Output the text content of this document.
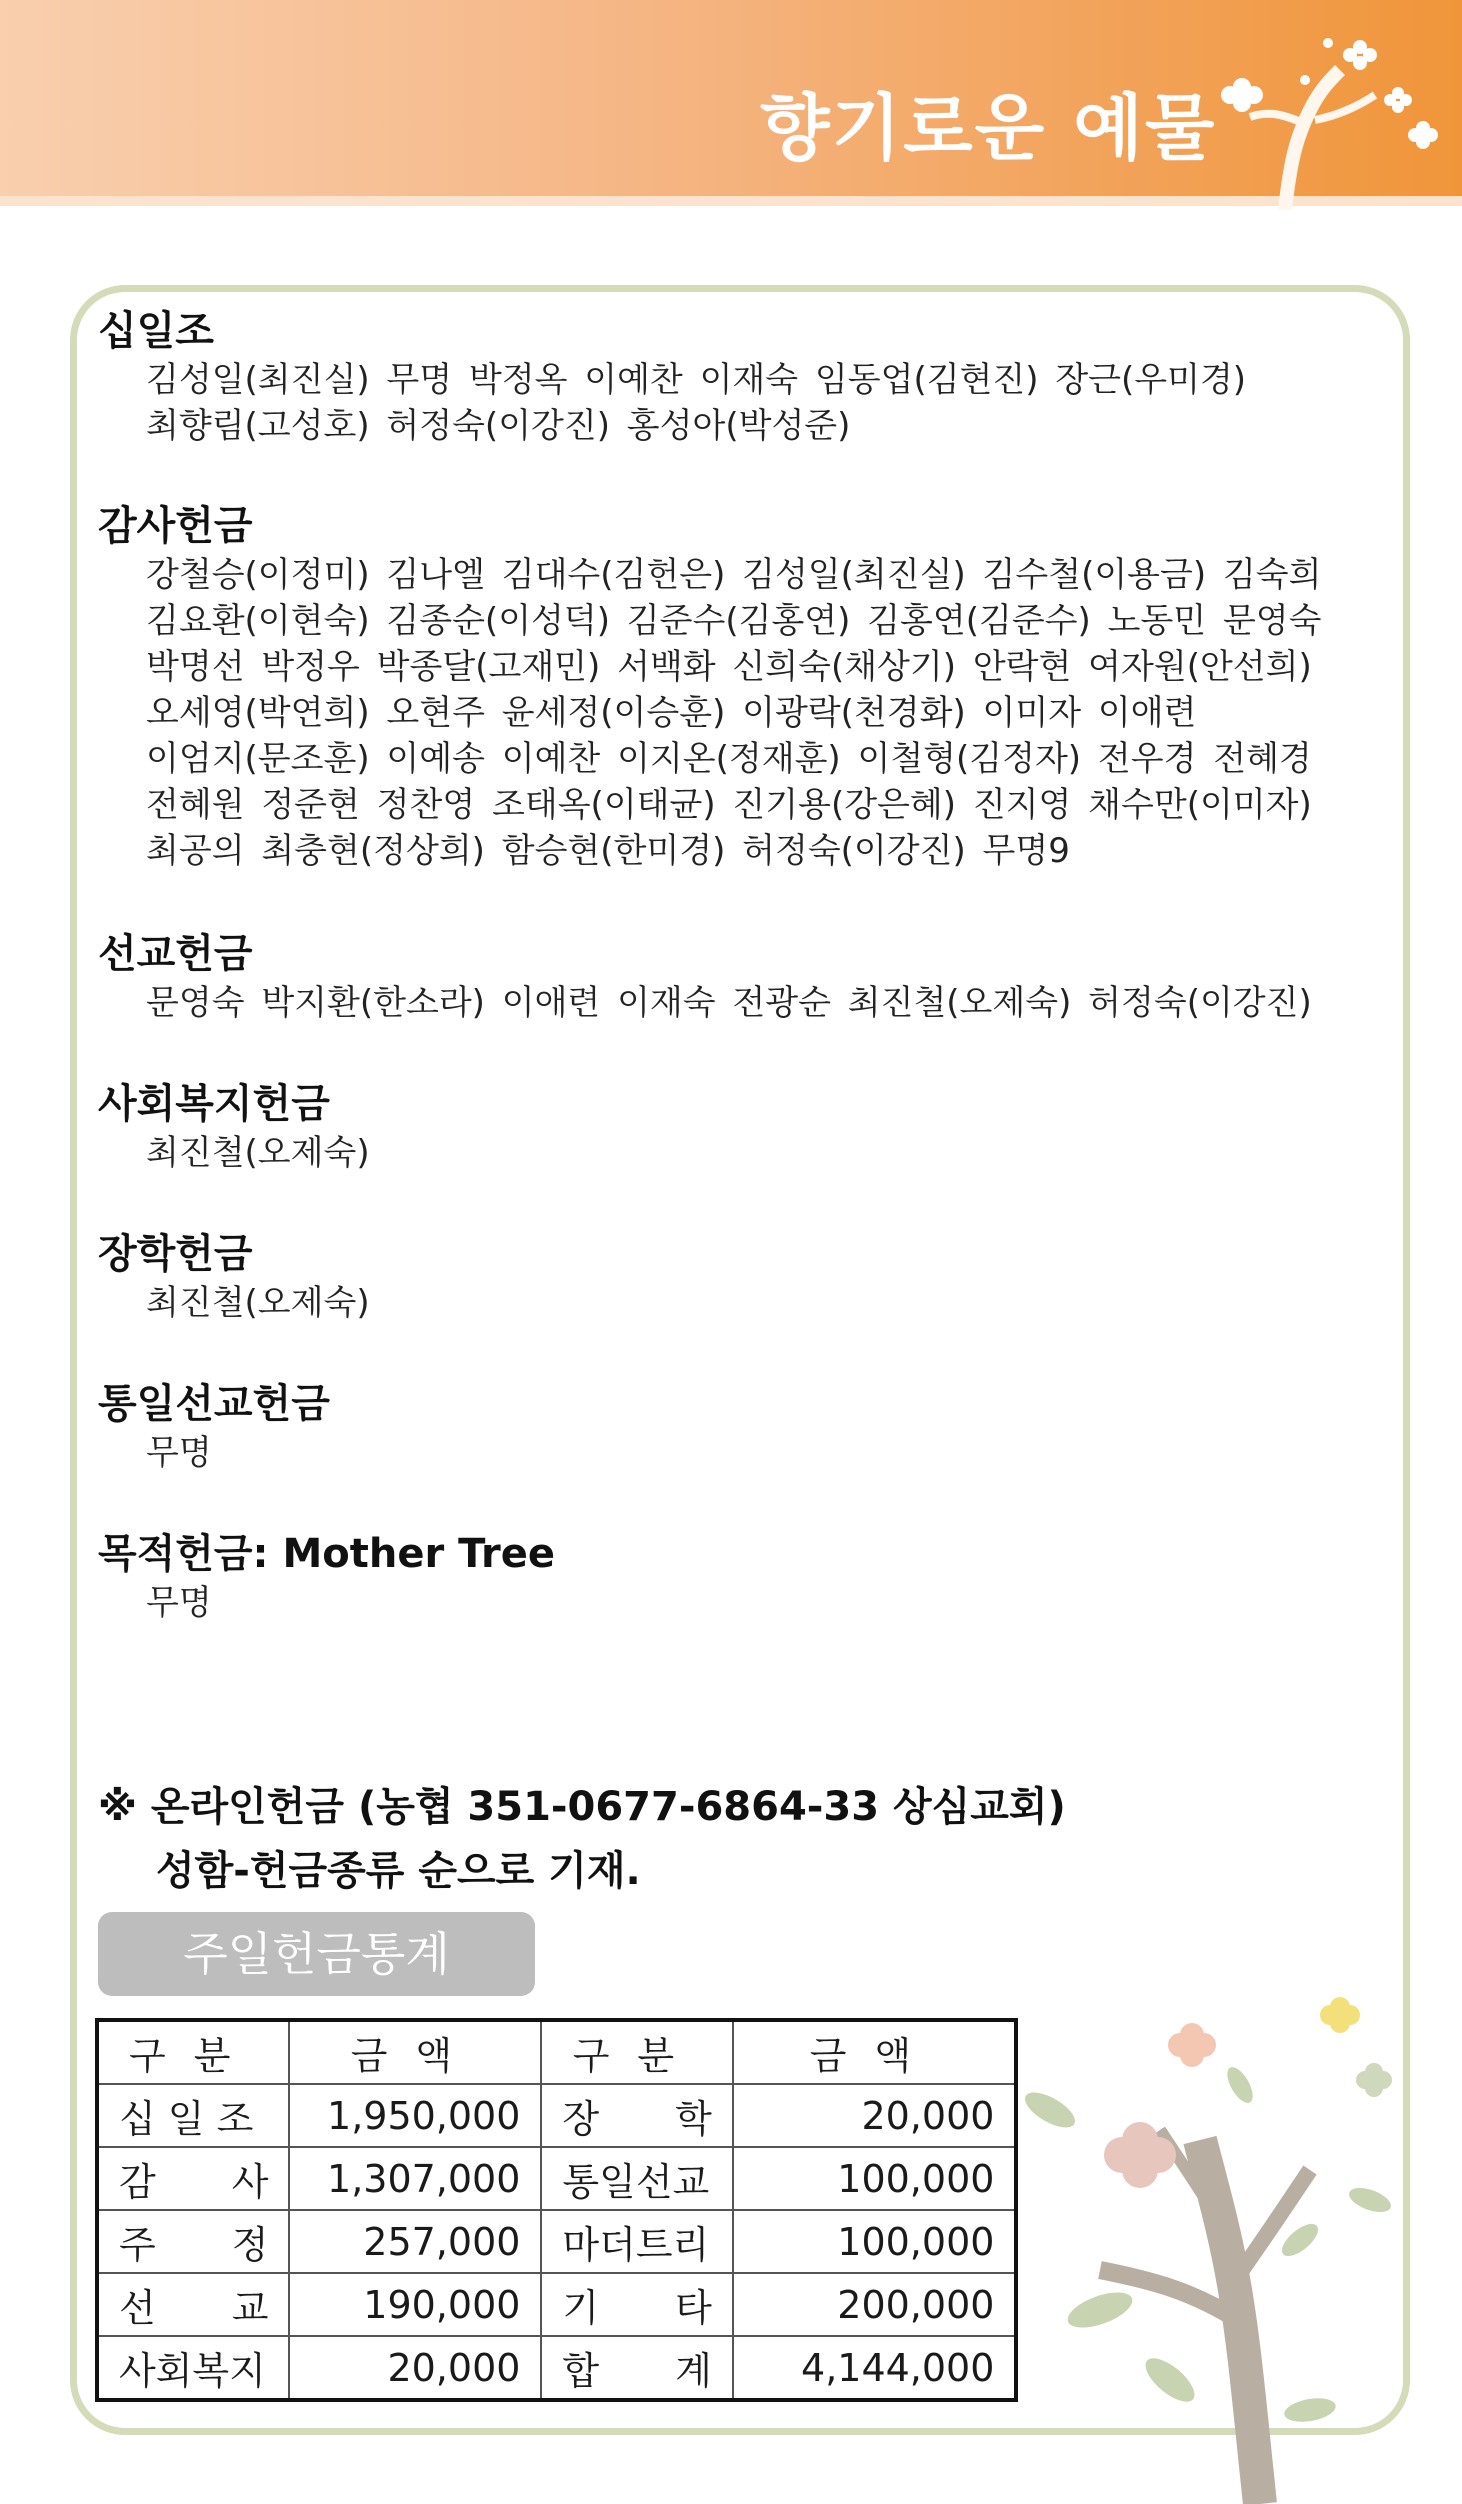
향기로운 예물
십일조
김성일(최진실) 무명 박정옥 이예찬 이재숙 임동업(김현진) 장근(우미경)
최향림(고성호) 허정숙(이강진) 홍성아(박성준)
감사헌금
강철승(이정미) 김나엘 김대수(김헌은) 김성일(최진실) 김수철(이용금) 김숙희
김요환(이현숙) 김종순(이성덕) 김준수(김홍연) 김홍연(김준수) 노동민 문영숙
박명선 박정우 박종달(고재민) 서백화 신희숙(채상기) 안락현 여자원(안선희)
오세영(박연희) 오현주 윤세정(이승훈) 이광락(천경화) 이미자 이애련
이엄지(문조훈) 이예송 이예찬 이지온(정재훈) 이철형(김정자) 전우경 전혜경
전혜원 정준현 정찬영 조태옥(이태균) 진기용(강은혜) 진지영 채수만(이미자)
최공의 최충현(정상희) 함승현(한미경) 허정숙(이강진) 무명9
선교헌금
문영숙 박지환(한소라) 이애련 이재숙 전광순 최진철(오제숙) 허정숙(이강진)
사회복지헌금
최진철(오제숙)
장학헌금
최진철(오제숙)
통일선교헌금
무명
목적헌금: Mother Tree
무명
※ 온라인헌금 (농협 351-0677-6864-33 상심교회)
성함-헌금종류 순으로 기재.
주일헌금통계
구분	금액	구분	금액
십 일 조	1,950,000	장　　학	20,000
감　　사	1,307,000	통일선교	100,000
주　　정	257,000	마더트리	100,000
선　　교	190,000	기　　타	200,000
사회복지	20,000	합　　계	4,144,000
